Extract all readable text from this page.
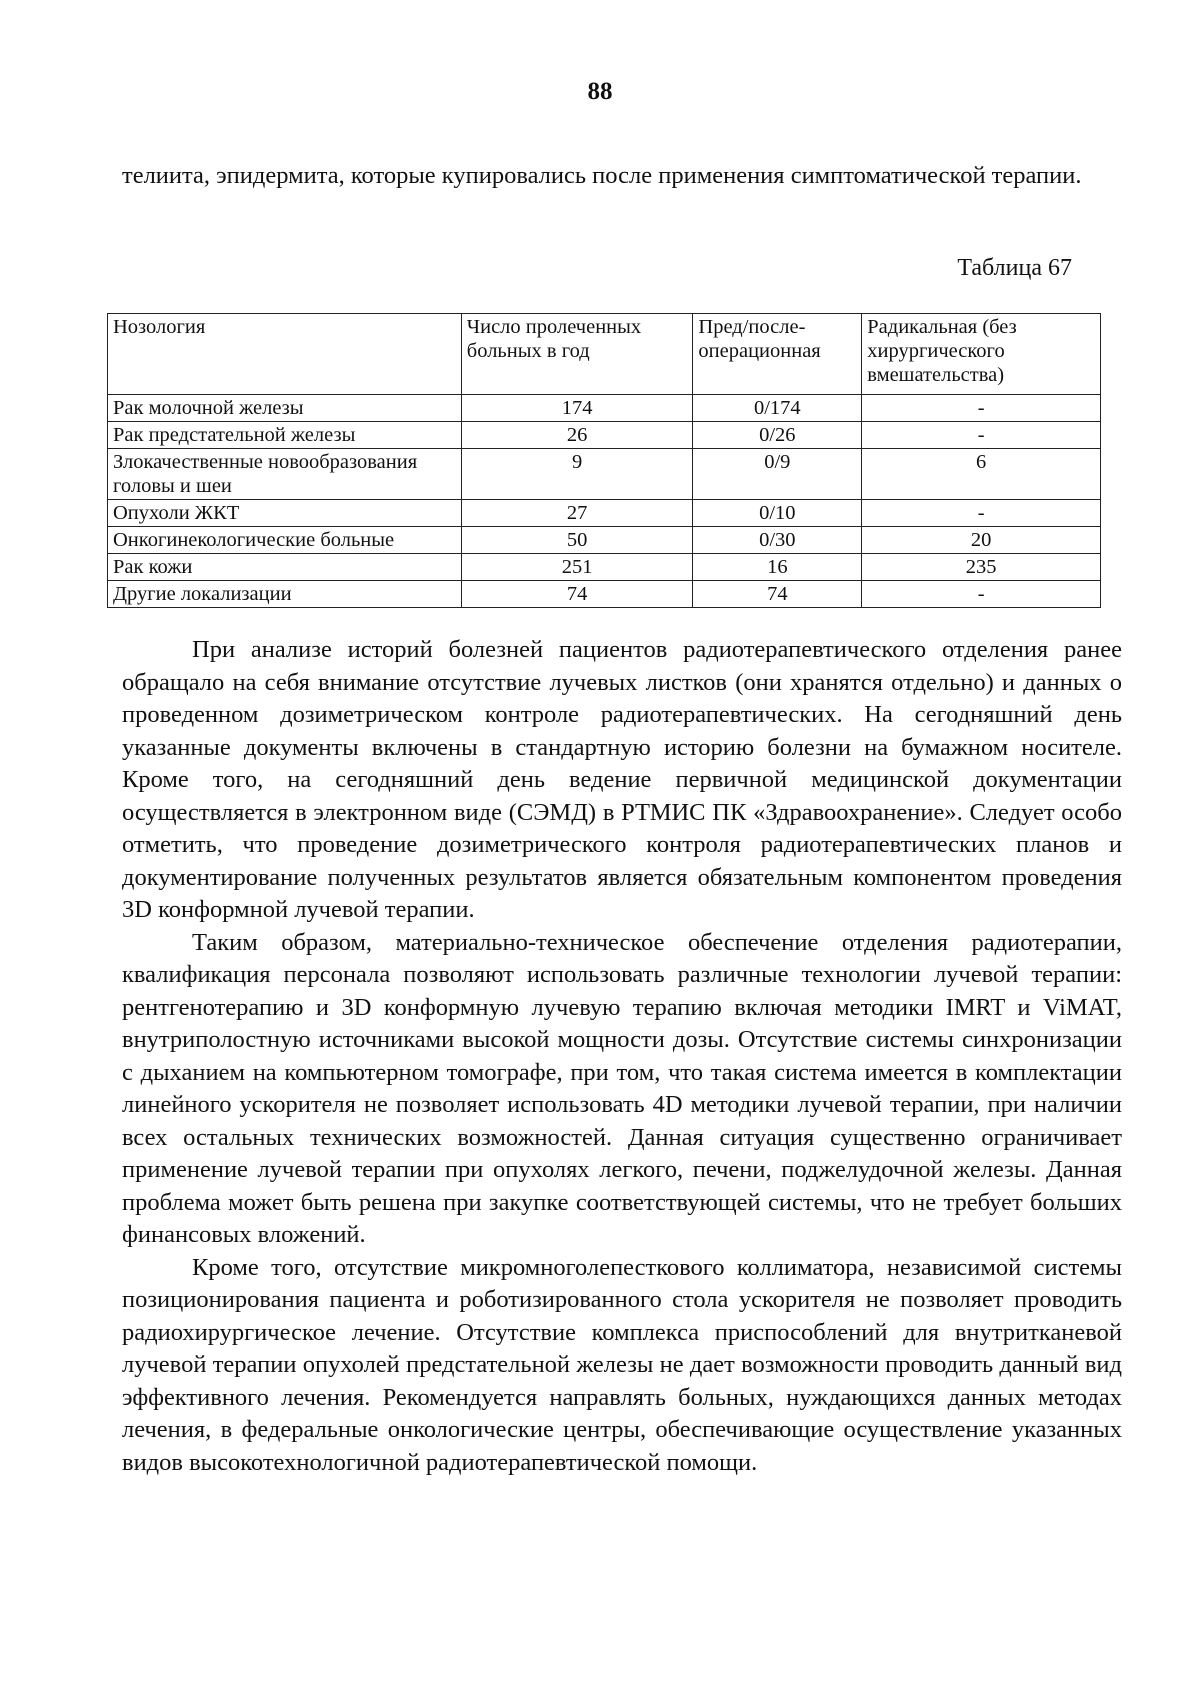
88
телиита, эпидермита, которые купировались после применения симптоматической терапии.
Таблица 67
Нозология	Число пролеченных больных в год	Пред/после-операционная	Радикальная (без хирургического вмешательства)
Рак молочной железы	174	0/174	-
Рак предстательной железы	26	0/26	-
Злокачественные новообразования головы и шеи	9	0/9	6
Опухоли ЖКТ	27	0/10	-
Онкогинекологические больные	50	0/30	20
Рак кожи	251	16	235
Другие локализации	74	74	-

При анализе историй болезней пациентов радиотерапевтического отделения ранее обращало на себя внимание отсутствие лучевых листков (они хранятся отдельно) и данных о проведенном дозиметрическом контроле радиотерапевтических. На сегодняшний день указанные документы включены в стандартную историю болезни на бумажном носителе. Кроме того, на сегодняшний день ведение первичной медицинской документации осуществляется в электронном виде (СЭМД) в РТМИС ПК «Здравоохранение». Следует особо отметить, что проведение дозиметрического контроля радиотерапевтических планов и документирование полученных результатов является обязательным компонентом проведения 3D конформной лучевой терапии.

Таким образом, материально-техническое обеспечение отделения радиотерапии, квалификация персонала позволяют использовать различные технологии лучевой терапии: рентгенотерапию и 3D конформную лучевую терапию включая методики IMRT и ViMAT, внутриполостную источниками высокой мощности дозы. Отсутствие системы синхронизации с дыханием на компьютерном томографе, при том, что такая система имеется в комплектации линейного ускорителя не позволяет использовать 4D методики лучевой терапии, при наличии всех остальных технических возможностей. Данная ситуация существенно ограничивает применение лучевой терапии при опухолях легкого, печени, поджелудочной железы. Данная проблема может быть решена при закупке соответствующей системы, что не требует больших финансовых вложений.

Кроме того, отсутствие микромноголепесткового коллиматора, независимой системы позиционирования пациента и роботизированного стола ускорителя не позволяет проводить радиохирургическое лечение. Отсутствие комплекса приспособлений для внутритканевой лучевой терапии опухолей предстательной железы не дает возможности проводить данный вид эффективного лечения. Рекомендуется направлять больных, нуждающихся данных методах лечения, в федеральные онкологические центры, обеспечивающие осуществление указанных видов высокотехнологичной радиотерапевтической помощи.
